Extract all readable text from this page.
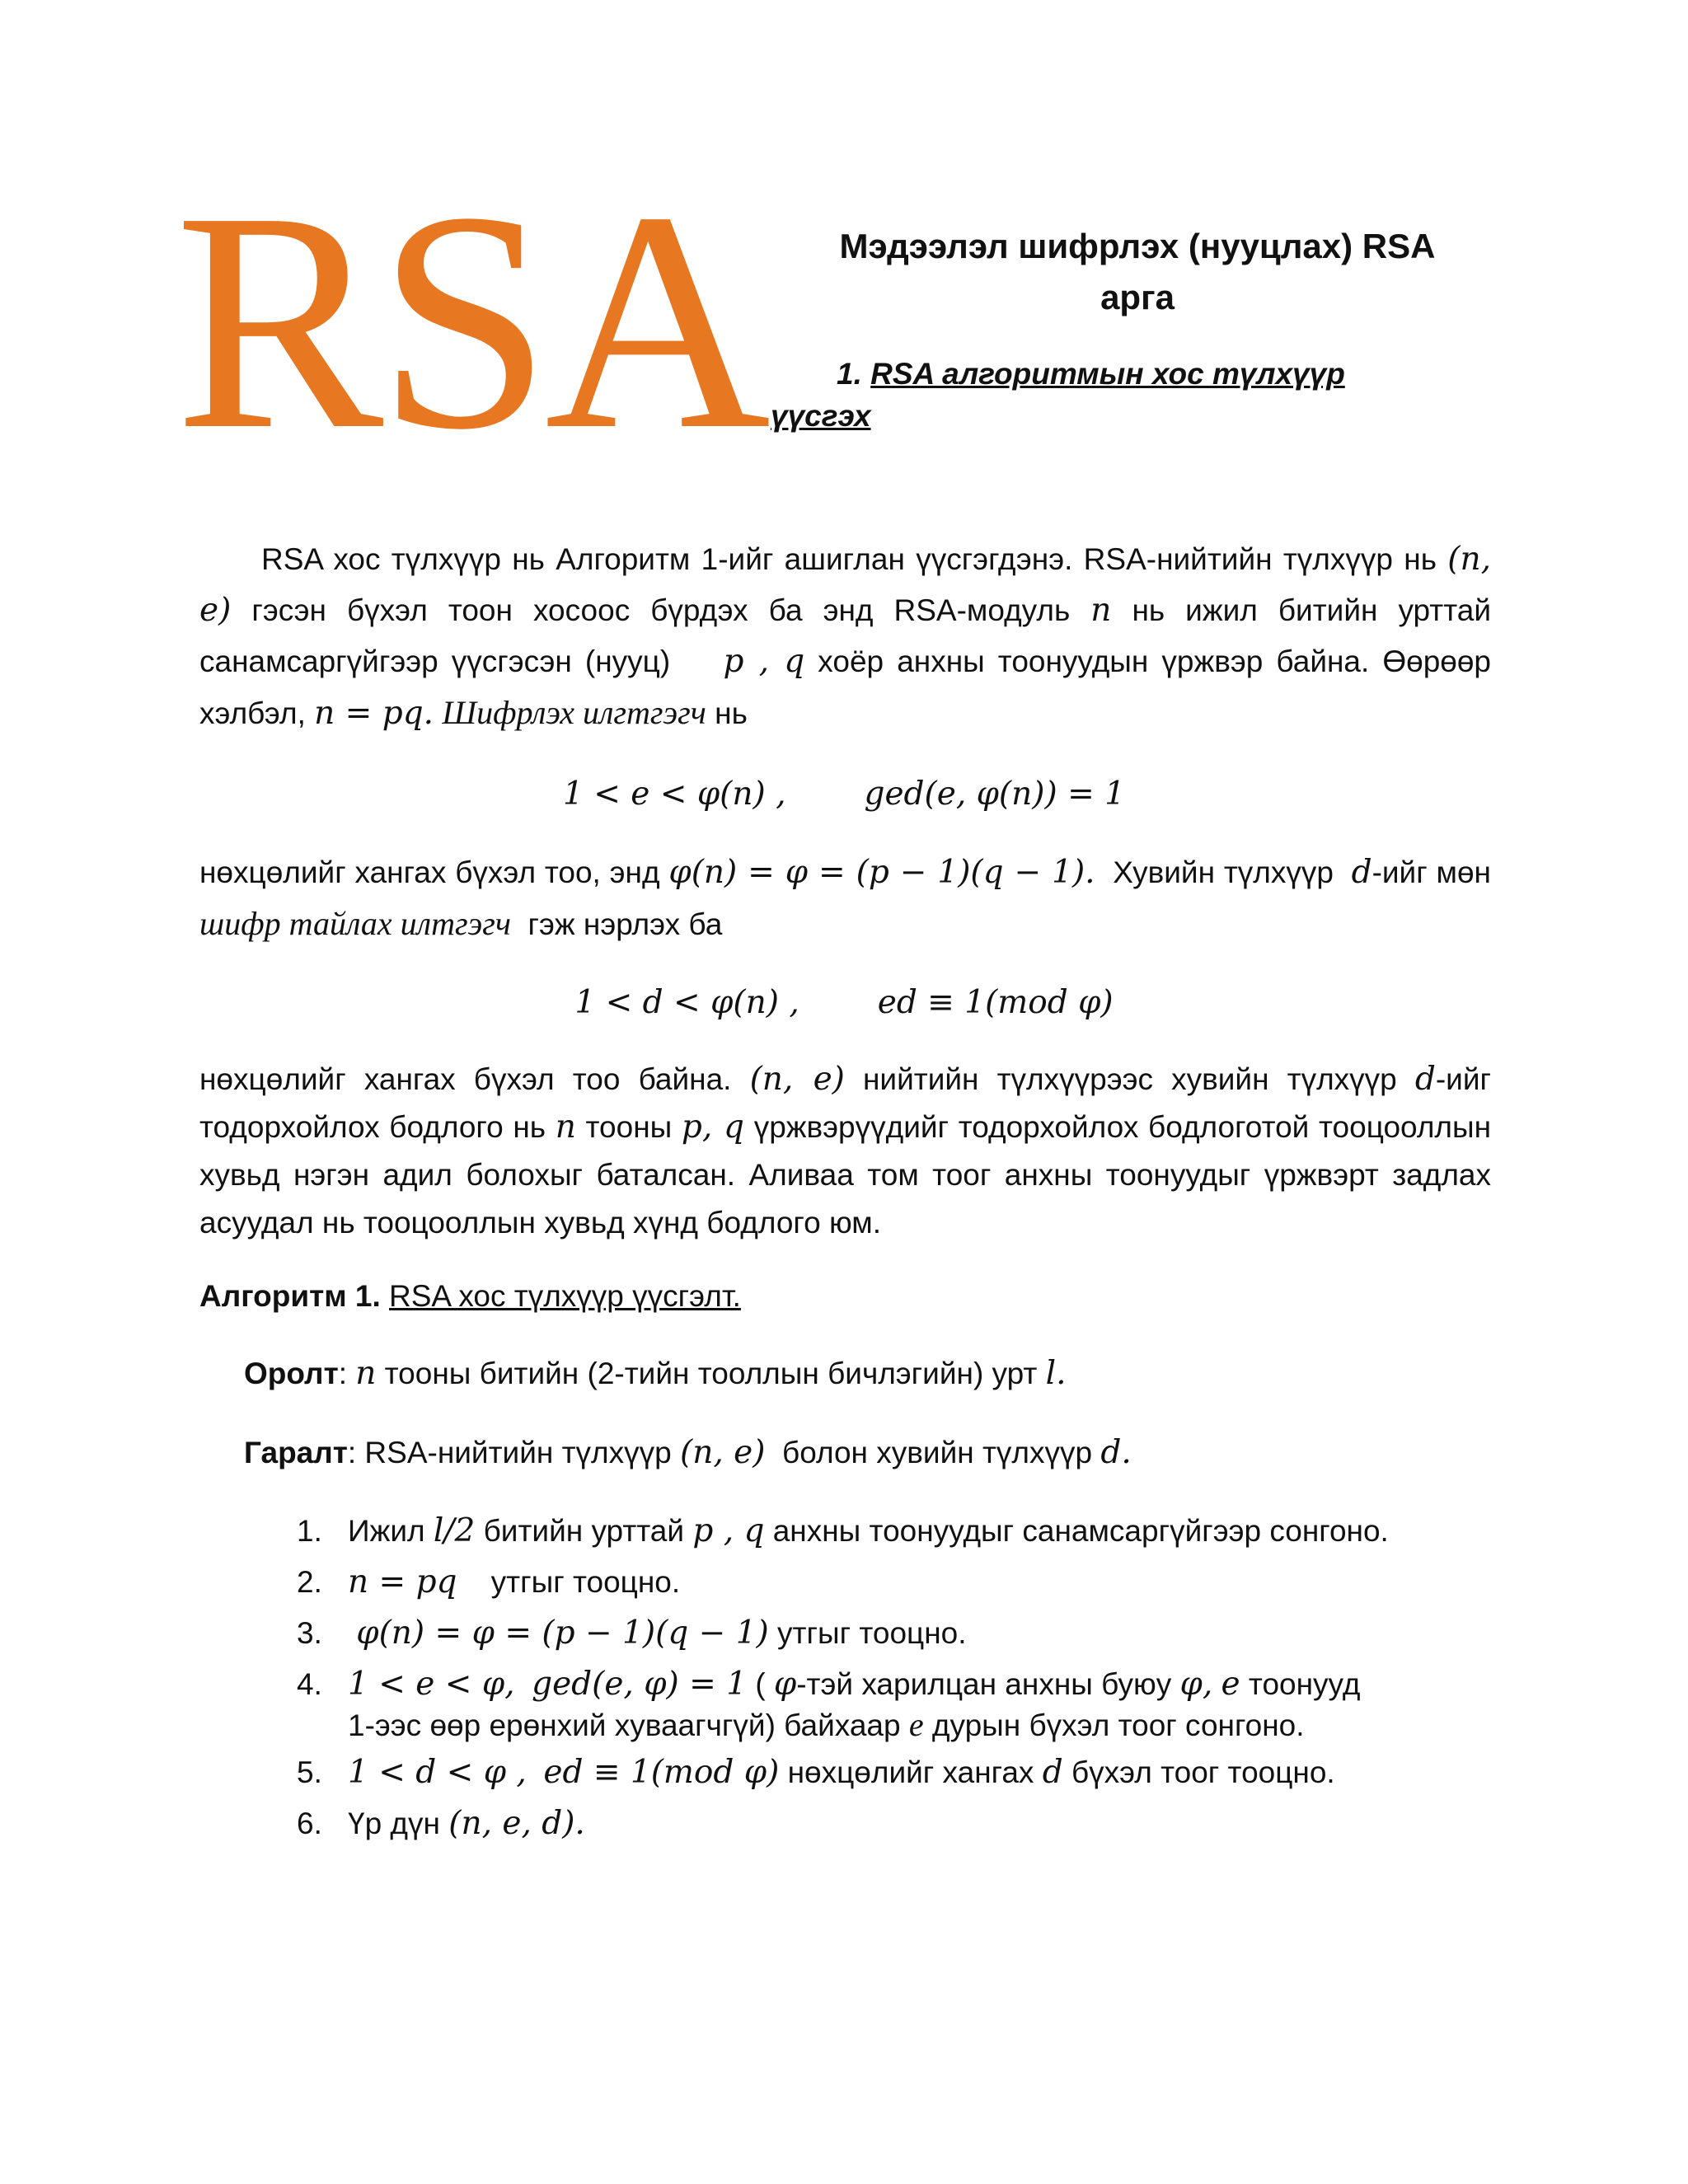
RSA	Мэдээлэл шифрлэх (нууцлах) RSA
арга
1. RSA алгоритмын хос түлхүүр
үүсгэх
RSA хос түлхүүр нь Алгоритм 1-ийг ашиглан үүсгэгдэнэ. RSA-нийтийн түлхүүр нь (n, e) гэсэн бүхэл тоон хосоос бүрдэх ба энд RSA-модуль n нь ижил битийн урттай санамсаргүйгээр үүсгэсэн (нууц) p , q хоёр анхны тоонуудын үржвэр байна. Өөрөөр хэлбэл, n = pq. Шифрлэх илгтгэгч нь
1 < e < φ(n) , ged(e, φ(n)) = 1
нөхцөлийг хангах бүхэл тоо, энд φ(n) = φ = (p − 1)(q − 1). Хувийн түлхүүр d-ийг мөн шифр тайлах илтгэгч гэж нэрлэх ба
1 < d < φ(n) , ed ≡ 1(mod φ)
нөхцөлийг хангах бүхэл тоо байна. (n, e) нийтийн түлхүүрээс хувийн түлхүүр d-ийг тодорхойлох бодлого нь n тооны p, q үржвэрүүдийг тодорхойлох бодлоготой тооцооллын хувьд нэгэн адил болохыг баталсан. Аливаа том тоог анхны тоонуудыг үржвэрт задлах асуудал нь тооцооллын хувьд хүнд бодлого юм.
Алгоритм 1. RSA хос түлхүүр үүсгэлт.
Оролт: n тооны битийн (2-тийн тооллын бичлэгийн) урт l.
Гаралт: RSA-нийтийн түлхүүр (n, e) болон хувийн түлхүүр d.
1. Ижил l/2 битийн урттай p , q анхны тоонуудыг санамсаргүйгээр сонгоно.
2. n = pq утгыг тооцно.
3. φ(n) = φ = (p − 1)(q − 1) утгыг тооцно.
4. 1 < e < φ, ged(e, φ) = 1 ( φ-тэй харилцан анхны буюу φ, e тоонууд
1-ээс өөр ерөнхий хуваагчгүй) байхаар e дурын бүхэл тоог сонгоно.
5. 1 < d < φ , ed ≡ 1(mod φ) нөхцөлийг хангах d бүхэл тоог тооцно.
6. Үр дүн (n, e, d).
